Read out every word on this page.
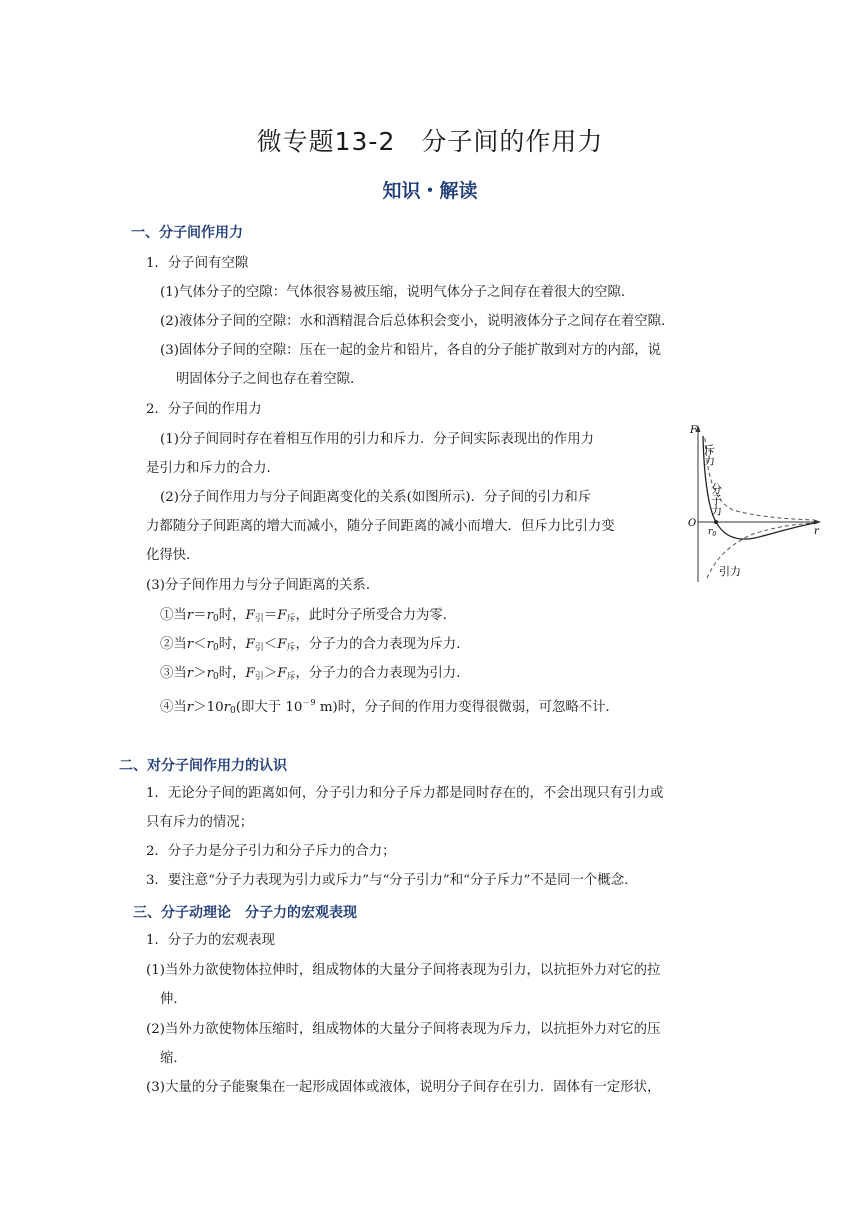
微专题13-2　分子间的作用力
知识・解读
一、分子间作用力
1．分子间有空隙
(1)气体分子的空隙：气体很容易被压缩，说明气体分子之间存在着很大的空隙．
(2)液体分子间的空隙：水和酒精混合后总体积会变小，说明液体分子之间存在着空隙．
(3)固体分子间的空隙：压在一起的金片和铅片，各自的分子能扩散到对方的内部，说
明固体分子之间也存在着空隙．
2．分子间的作用力
(1)分子间同时存在着相互作用的引力和斥力．分子间实际表现出的作用力
是引力和斥力的合力．
(2)分子间作用力与分子间距离变化的关系(如图所示)．分子间的引力和斥
力都随分子间距离的增大而减小，随分子间距离的减小而增大．但斥力比引力变
化得快．
(3)分子间作用力与分子间距离的关系．
①当$r=r_0$时，$F_引=F_斥$，此时分子所受合力为零．
②当$r<r_0$时，$F_引<F_斥$，分子力的合力表现为斥力．
③当$r>r_0$时，$F_引>F_斥$，分子力的合力表现为引力．
④当$r>10r_0$(即大于 $10^{-9}$ m)时，分子间的作用力变得很微弱，可忽略不计．
F
r
O
$r_0$
斥力
分子力
引力
二、对分子间作用力的认识
1．无论分子间的距离如何，分子引力和分子斥力都是同时存在的，不会出现只有引力或
只有斥力的情况；
2．分子力是分子引力和分子斥力的合力；
3．要注意“分子力表现为引力或斥力”与“分子引力”和“分子斥力”不是同一个概念．
三、分子动理论　分子力的宏观表现
1．分子力的宏观表现
(1)当外力欲使物体拉伸时，组成物体的大量分子间将表现为引力，以抗拒外力对它的拉
伸．
(2)当外力欲使物体压缩时，组成物体的大量分子间将表现为斥力，以抗拒外力对它的压
缩．
(3)大量的分子能聚集在一起形成固体或液体，说明分子间存在引力．固体有一定形状，
